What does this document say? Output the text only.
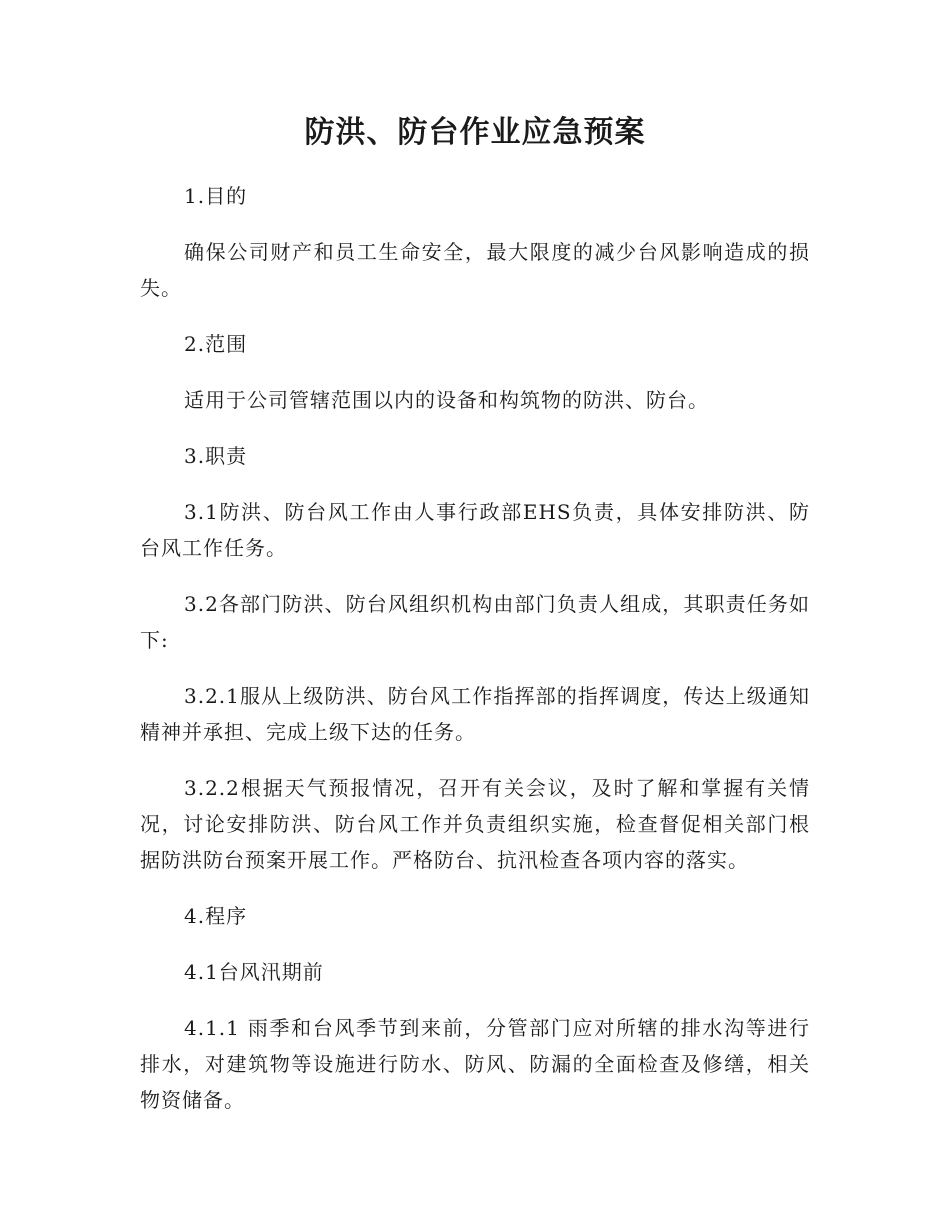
防洪、防台作业应急预案

1.目的

确保公司财产和员工生命安全，最大限度的减少台风影响造成的损失。

2.范围

适用于公司管辖范围以内的设备和构筑物的防洪、防台。

3.职责

3.1防洪、防台风工作由人事行政部EHS负责，具体安排防洪、防台风工作任务。

3.2各部门防洪、防台风组织机构由部门负责人组成，其职责任务如下:

3.2.1服从上级防洪、防台风工作指挥部的指挥调度，传达上级通知精神并承担、完成上级下达的任务。

3.2.2根据天气预报情况，召开有关会议，及时了解和掌握有关情况，讨论安排防洪、防台风工作并负责组织实施，检查督促相关部门根据防洪防台预案开展工作。严格防台、抗汛检查各项内容的落实。

4.程序

4.1台风汛期前

4.1.1 雨季和台风季节到来前，分管部门应对所辖的排水沟等进行排水，对建筑物等设施进行防水、防风、防漏的全面检查及修缮，相关物资储备。
